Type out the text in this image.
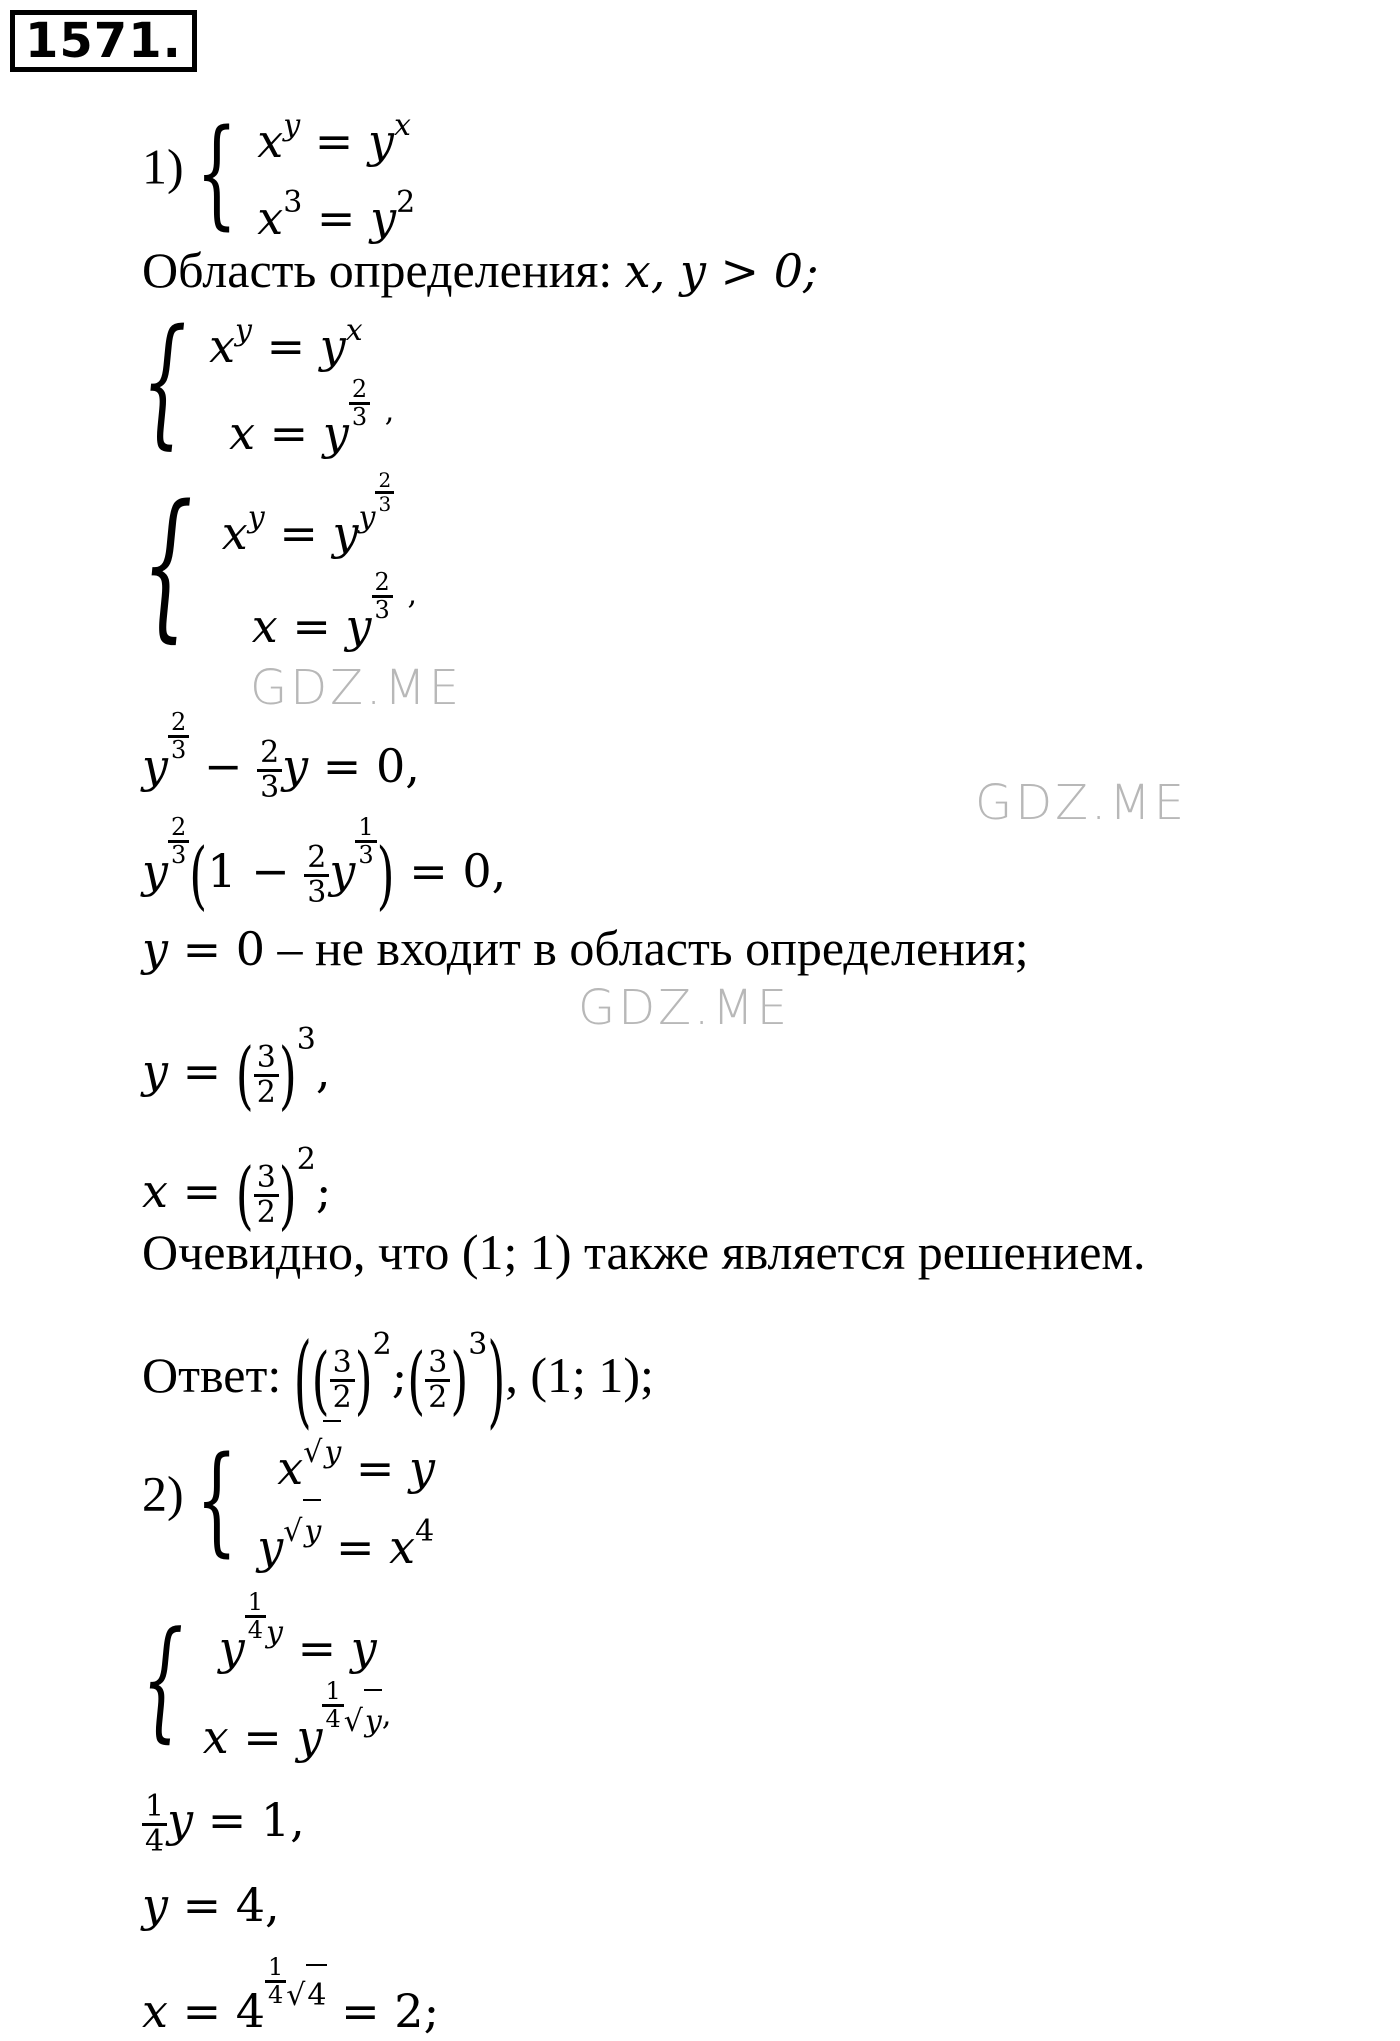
1571.
1) { $x^y = y^x$
$x^3 = y^2$
Область определения: x, y > 0;
{ $x^y = y^x$
x = y
$\frac{2}{3} ^,$
{ $x^y = y^{y \frac{2}{3}}$
x = y
$\frac{2}{3} ^,$
y
$\frac{2}{3}$
− $\frac{2}{3}$ y = 0,
y
$\frac{2}{3} (1 - \frac{2}{3}$ y
$\frac{1}{3}$ ) = 0,
y = 0 – не входит в область определения;
y = ( $\frac{3}{2} )^3$,
x = ( $\frac{3}{2} )^2$;
Очевидно, что (1; 1) также является решением.
Ответ: (( $\frac{3}{2}$ )$^2$;( $\frac{3}{2} )^3$), (1; 1);
2) { $x^{√y} = y$
$y^{√y} = x^4$
{ y
$\frac{1}{4} ^y = y$
x = y
$\frac{1}{4} ^{√y,}$
$\frac{1}{4}$ y = 1,
y = 4,
x = 4
$\frac{1}{4} ^{√4} = 2$;
GDZ.ME
GDZ.ME
GDZ.ME
